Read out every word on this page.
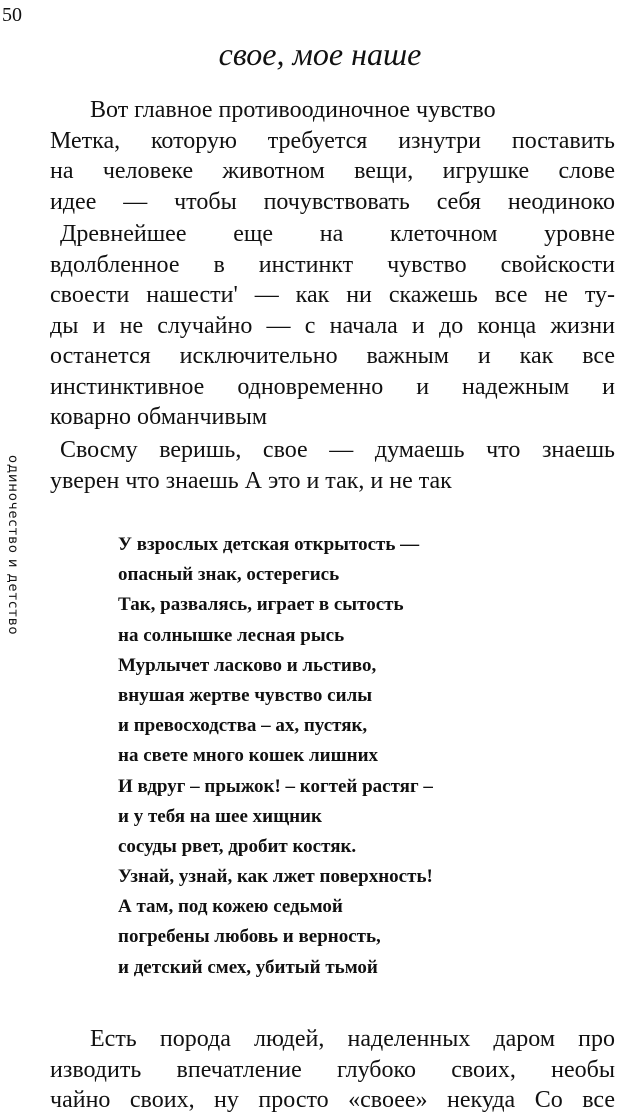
50
одиночество и детство
свое, мое наше
Вот главное противоодиночное чувство
Метка, которую требуется изнутри поставить
на человеке животном вещи, игрушке слове
идее — чтобы почувствовать себя неодиноко
Древнейшее еще на клеточном уровне
вдолбленное в инстинкт чувство свойскости
своести нашести' — как ни скажешь все не ту-
ды и не случайно — с начала и до конца жизни
останется исключительно важным и как все
инстинктивное одновременно и надежным и
коварно обманчивым
Свосму веришь, свое — думаешь что знаешь
уверен что знаешь А это и так, и не так
У взрослых детская открытость —
опасный знак, остерегись
Так, развалясь, играет в сытость
на солнышке лесная рысь
Мурлычет ласково и льстиво,
внушая жертве чувство силы
и превосходства – ах, пустяк,
на свете много кошек лишних
И вдруг – прыжок! – когтей растяг –
и у тебя на шее хищник
сосуды рвет, дробит костяк.
Узнай, узнай, как лжет поверхность!
А там, под кожею седьмой
погребены любовь и верность,
и детский смех, убитый тьмой
Есть порода людей, наделенных даром про
изводить впечатление глубоко своих, необы
чайно своих, ну просто «своее» некуда Со все
